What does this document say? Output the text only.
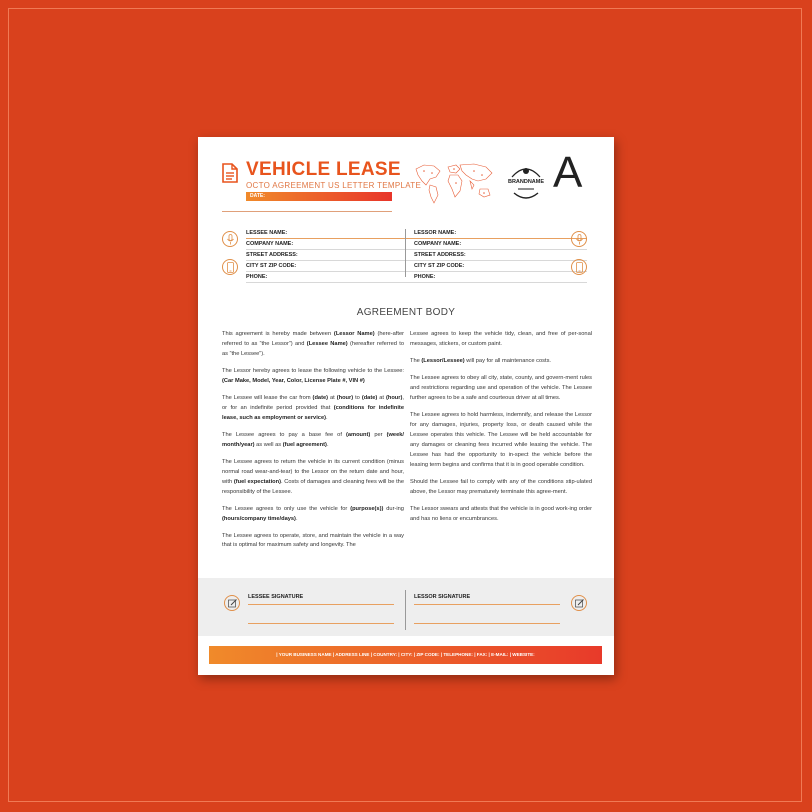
VEHICLE LEASE
OCTO AGREEMENT US LETTER TEMPLATE
DATE:
BRANDNAME A
LESSEE NAME:
COMPANY NAME:
STREET ADDRESS:
CITY ST ZIP CODE:
PHONE:
LESSOR NAME:
COMPANY NAME:
STREET ADDRESS:
CITY ST ZIP CODE:
PHONE:
AGREEMENT BODY

This agreement is hereby made between (Lessor Name) (here-after referred to as “the Lessor”) and (Lessee Name) (hereafter referred to as “the Lessee”).

The Lessor hereby agrees to lease the following vehicle to the Lessee: (Car Make, Model, Year, Color, License Plate #, VIN #)

The Lessee will lease the car from (date) at (hour) to (date) at (hour), or for an indefinite period provided that (conditions for indefinite lease, such as employment or service).

The Lessee agrees to pay a base fee of (amount) per (week/ month/year) as well as (fuel agreement).

The Lessee agrees to return the vehicle in its current condition (minus normal road wear-and-tear) to the Lessor on the return date and hour, with (fuel expectation). Costs of damages and cleaning fees will be the responsibility of the Lessee.

The Lessee agrees to only use the vehicle for (purpose(s)) dur-ing (hours/company time/days).

The Lessee agrees to operate, store, and maintain the vehicle in a way that is optimal for maximum safety and longevity. The

Lessee agrees to keep the vehicle tidy, clean, and free of per-sonal messages, stickers, or custom paint.

The (Lessor/Lessee) will pay for all maintenance costs.

The Lessee agrees to obey all city, state, county, and govern-ment rules and restrictions regarding use and operation of the vehicle. The Lessee further agrees to be a safe and courteous driver at all times.

The Lessee agrees to hold harmless, indemnify, and release the Lessor for any damages, injuries, property loss, or death caused while the Lessee operates this vehicle. The Lessee will be held accountable for any damages or cleaning fees incurred while leasing the vehicle. The Lessee has had the opportunity to in-spect the vehicle before the leasing term begins and confirms that it is in good operable condition.

Should the Lessee fail to comply with any of the conditions stip-ulated above, the Lessor may prematurely terminate this agree-ment.

The Lessor swears and attests that the vehicle is in good work-ing order and has no liens or encumbrances.

LESSEE SIGNATURE	LESSOR SIGNATURE
| YOUR BUSINESS NAME | ADDRESS LINE | COUNTRY: | CITY: | ZIP CODE: | TELEPHONE: | FAX: | E-MAIL: | WEBSITE:
